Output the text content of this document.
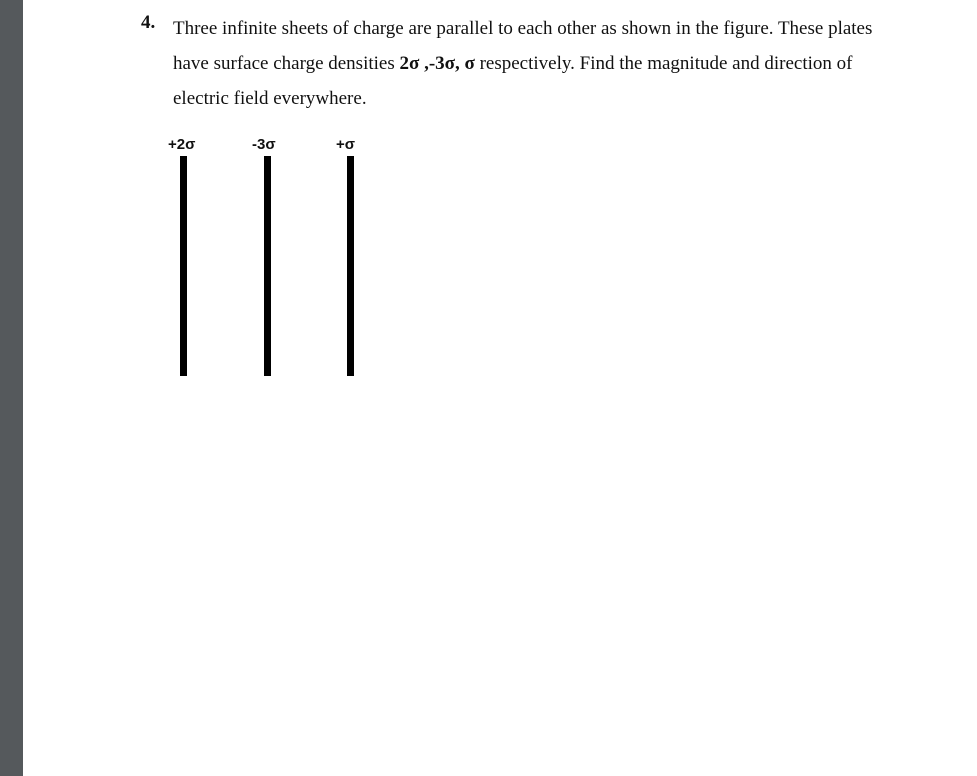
4. Three infinite sheets of charge are parallel to each other as shown in the figure. These plates
have surface charge densities 2σ ,-3σ, σ respectively. Find the magnitude and direction of
electric field everywhere.
+2σ	-3σ	+σ
